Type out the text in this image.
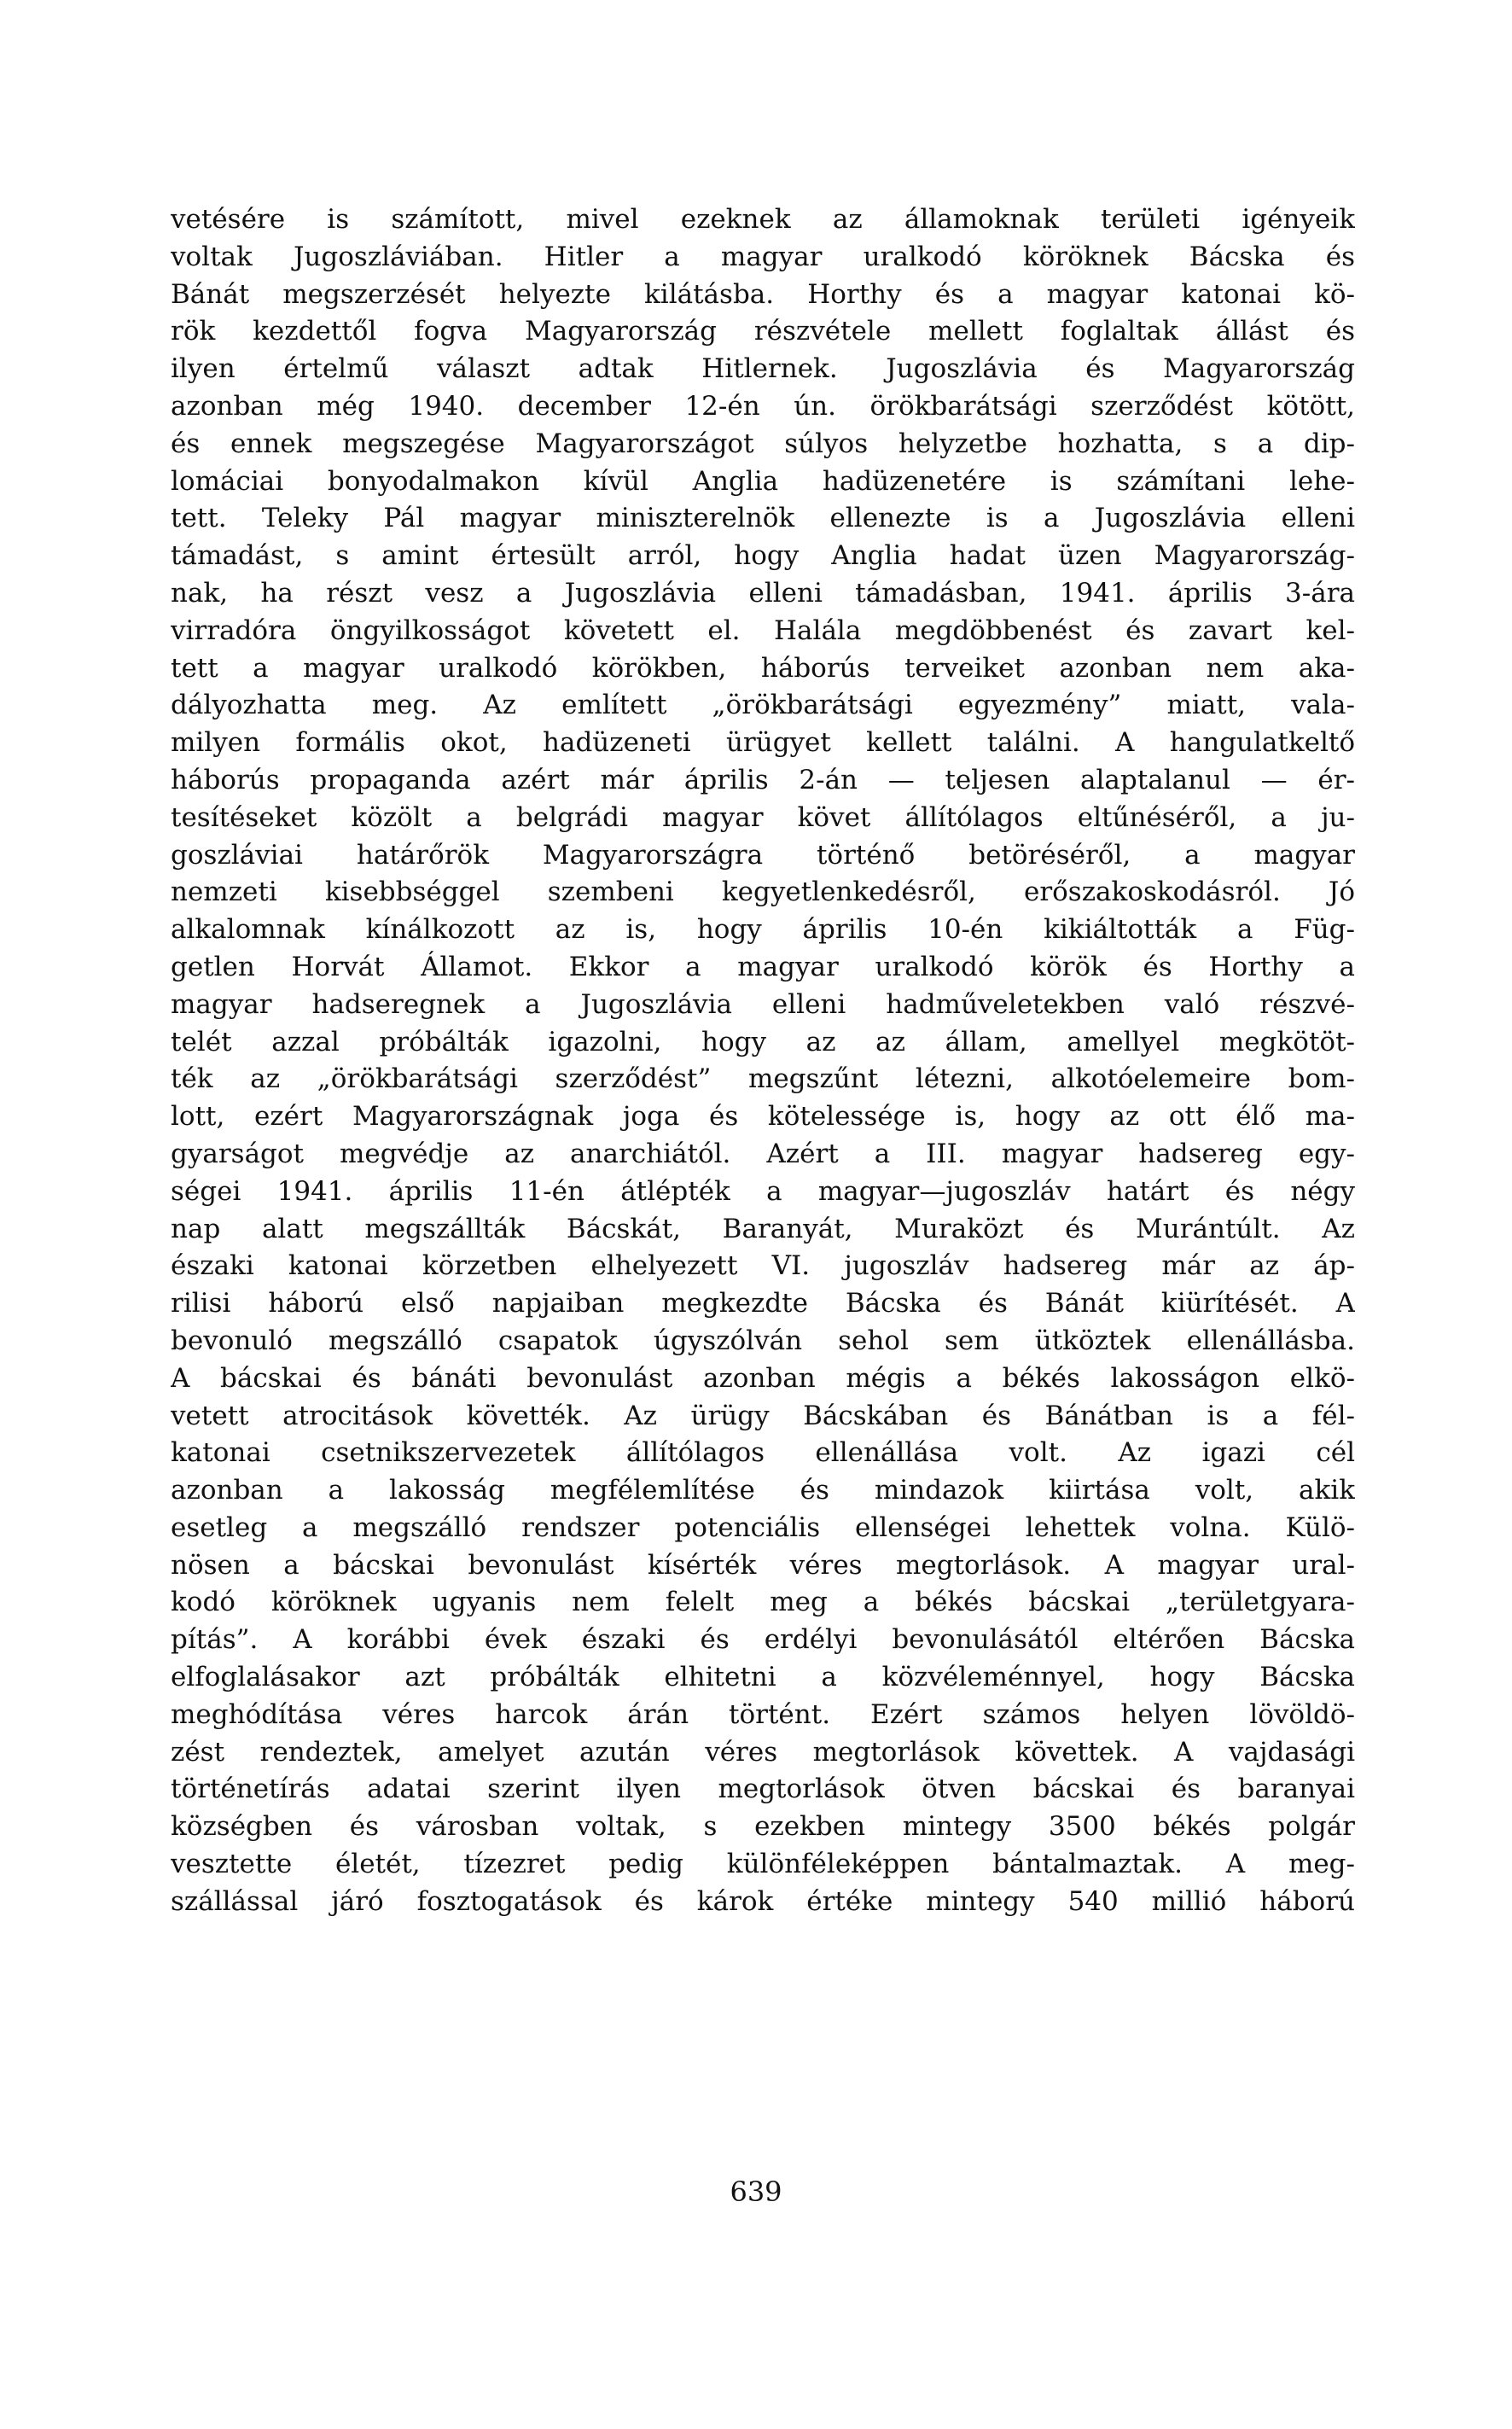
vetésére is számított, mivel ezeknek az államoknak területi igényeik
voltak Jugoszláviában. Hitler a magyar uralkodó köröknek Bácska és
Bánát megszerzését helyezte kilátásba. Horthy és a magyar katonai kö-
rök kezdettől fogva Magyarország részvétele mellett foglaltak állást és
ilyen értelmű választ adtak Hitlernek. Jugoszlávia és Magyarország
azonban még 1940. december 12-én ún. örökbarátsági szerződést kötött,
és ennek megszegése Magyarországot súlyos helyzetbe hozhatta, s a dip-
lomáciai bonyodalmakon kívül Anglia hadüzenetére is számítani lehe-
tett. Teleky Pál magyar miniszterelnök ellenezte is a Jugoszlávia elleni
támadást, s amint értesült arról, hogy Anglia hadat üzen Magyarország-
nak, ha részt vesz a Jugoszlávia elleni támadásban, 1941. április 3-ára
virradóra öngyilkosságot követett el. Halála megdöbbenést és zavart kel-
tett a magyar uralkodó körökben, háborús terveiket azonban nem aka-
dályozhatta meg. Az említett „örökbarátsági egyezmény” miatt, vala-
milyen formális okot, hadüzeneti ürügyet kellett találni. A hangulatkeltő
háborús propaganda azért már április 2-án — teljesen alaptalanul — ér-
tesítéseket közölt a belgrádi magyar követ állítólagos eltűnéséről, a ju-
goszláviai határőrök Magyarországra történő betöréséről, a magyar
nemzeti kisebbséggel szembeni kegyetlenkedésről, erőszakoskodásról. Jó
alkalomnak kínálkozott az is, hogy április 10-én kikiáltották a Füg-
getlen Horvát Államot. Ekkor a magyar uralkodó körök és Horthy a
magyar hadseregnek a Jugoszlávia elleni hadműveletekben való részvé-
telét azzal próbálták igazolni, hogy az az állam, amellyel megkötöt-
ték az „örökbarátsági szerződést” megszűnt létezni, alkotóelemeire bom-
lott, ezért Magyarországnak joga és kötelessége is, hogy az ott élő ma-
gyarságot megvédje az anarchiától. Azért a III. magyar hadsereg egy-
ségei 1941. április 11-én átlépték a magyar—jugoszláv határt és négy
nap alatt megszállták Bácskát, Baranyát, Muraközt és Murántúlt. Az
északi katonai körzetben elhelyezett VI. jugoszláv hadsereg már az áp-
rilisi háború első napjaiban megkezdte Bácska és Bánát kiürítését. A
bevonuló megszálló csapatok úgyszólván sehol sem ütköztek ellenállásba.
A bácskai és bánáti bevonulást azonban mégis a békés lakosságon elkö-
vetett atrocitások követték. Az ürügy Bácskában és Bánátban is a fél-
katonai csetnikszervezetek állítólagos ellenállása volt. Az igazi cél
azonban a lakosság megfélemlítése és mindazok kiirtása volt, akik
esetleg a megszálló rendszer potenciális ellenségei lehettek volna. Külö-
nösen a bácskai bevonulást kísérték véres megtorlások. A magyar ural-
kodó köröknek ugyanis nem felelt meg a békés bácskai „területgyara-
pítás”. A korábbi évek északi és erdélyi bevonulásától eltérően Bácska
elfoglalásakor azt próbálták elhitetni a közvéleménnyel, hogy Bácska
meghódítása véres harcok árán történt. Ezért számos helyen lövöldö-
zést rendeztek, amelyet azután véres megtorlások követtek. A vajdasági
történetírás adatai szerint ilyen megtorlások ötven bácskai és baranyai
községben és városban voltak, s ezekben mintegy 3500 békés polgár
vesztette életét, tízezret pedig különféleképpen bántalmaztak. A meg-
szállással járó fosztogatások és károk értéke mintegy 540 millió háború
639
